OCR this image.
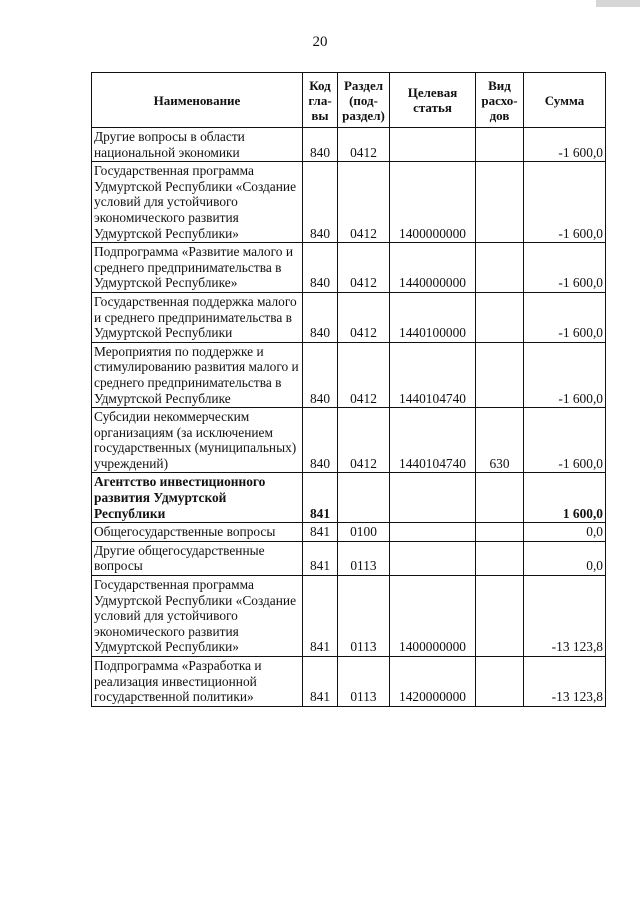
20
Наименование	Код гла- вы	Раздел (под- раздел)	Целевая статья	Вид расхо- дов	Сумма
Другие вопросы в области национальной экономики	840	0412			-1 600,0
Государственная программа Удмуртской Республики «Создание условий для устойчивого экономического развития Удмуртской Республики»	840	0412	1400000000		-1 600,0
Подпрограмма «Развитие малого и среднего предпринимательства в Удмуртской Республике»	840	0412	1440000000		-1 600,0
Государственная поддержка малого и среднего предпринимательства в Удмуртской Республики	840	0412	1440100000		-1 600,0
Мероприятия по поддержке и стимулированию развития малого и среднего предпринимательства в Удмуртской Республике	840	0412	1440104740		-1 600,0
Субсидии некоммерческим организациям (за исключением государственных (муниципальных) учреждений)	840	0412	1440104740	630	-1 600,0
Агентство инвестиционного развития Удмуртской Республики	841				1 600,0
Общегосударственные вопросы	841	0100			0,0
Другие общегосударственные вопросы	841	0113			0,0
Государственная программа Удмуртской Республики «Создание условий для устойчивого экономического развития Удмуртской Республики»	841	0113	1400000000		-13 123,8
Подпрограмма «Разработка и реализация инвестиционной государственной политики»	841	0113	1420000000		-13 123,8
